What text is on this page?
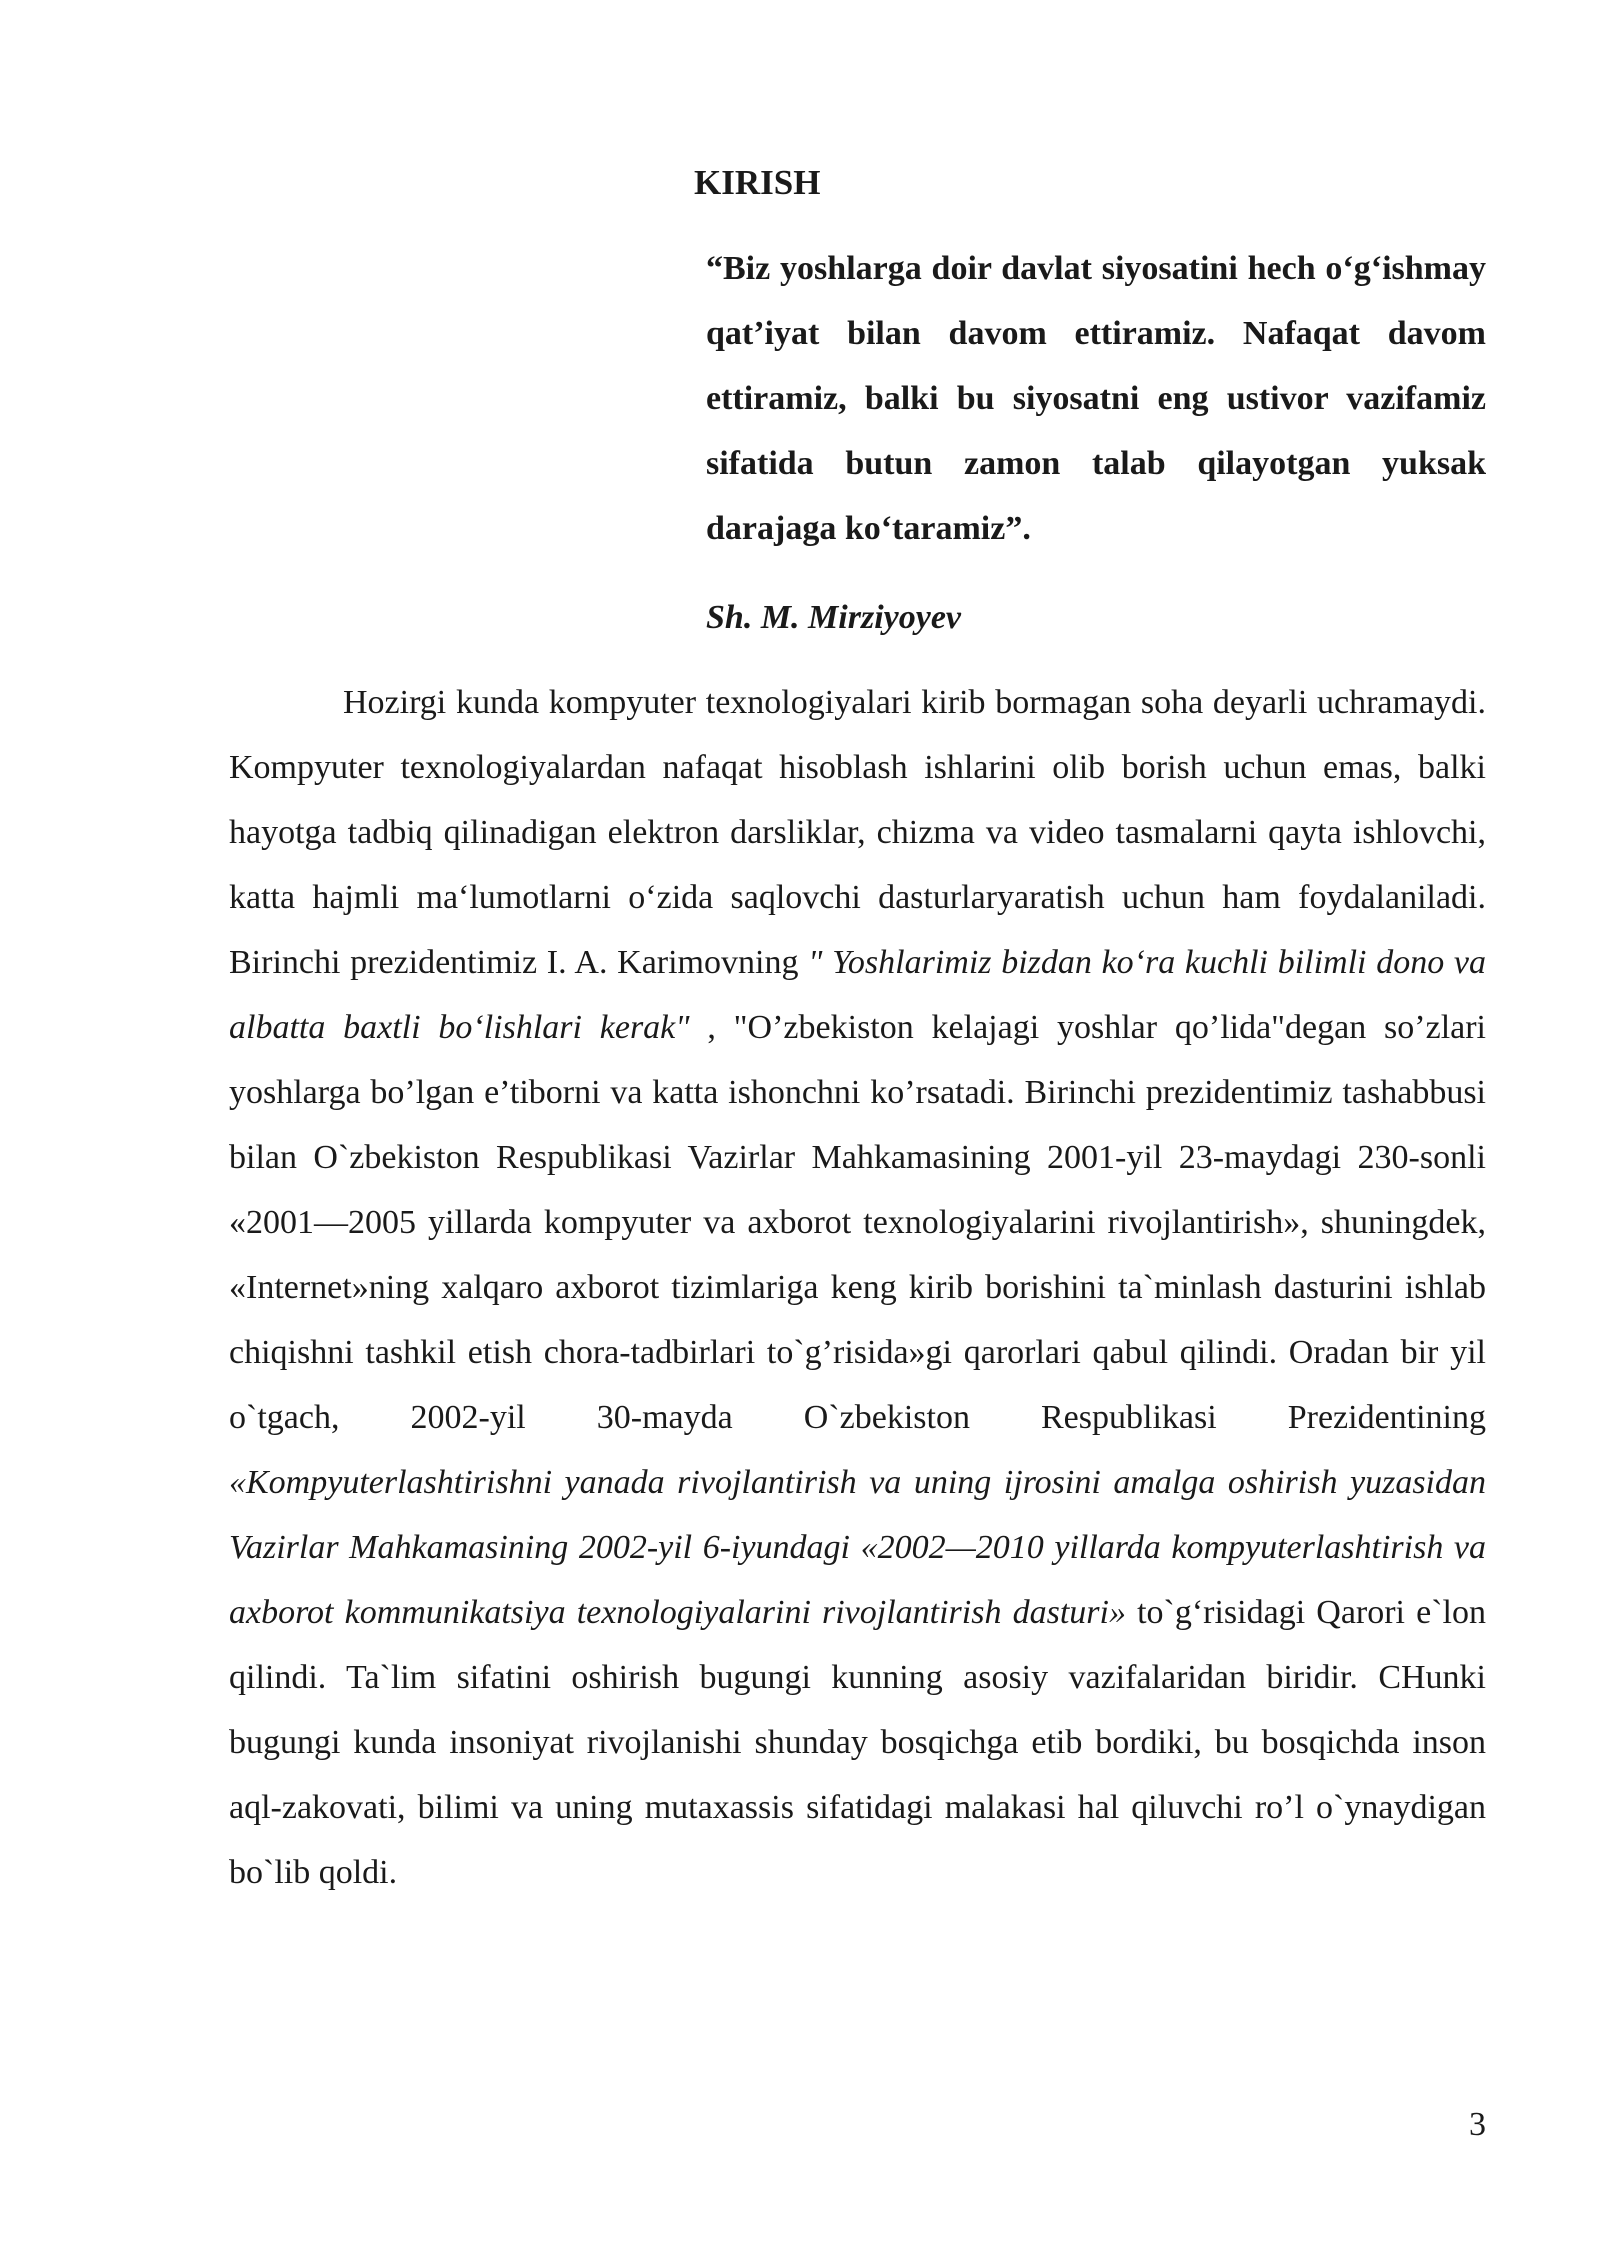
KIRISH

“Biz yoshlarga doir davlat siyosatini hech o‘g‘ishmay qat’iyat bilan davom ettiramiz. Nafaqat davom ettiramiz, balki bu siyosatni eng ustivor vazifamiz sifatida butun zamon talab qilayotgan yuksak darajaga ko‘taramiz”.

Sh. M. Mirziyoyev

Hozirgi kunda kompyuter texnologiyalari kirib bormagan soha deyarli uchramaydi. Kompyuter texnologiyalardan nafaqat hisoblash ishlarini olib borish uchun emas, balki hayotga tadbiq qilinadigan elektron darsliklar, chizma va video tasmalarni qayta ishlovchi, katta hajmli ma‘lumotlarni o‘zida saqlovchi dasturlaryaratish uchun ham foydalaniladi. Birinchi prezidentimiz I. A. Karimovning " Yoshlarimiz bizdan ko‘ra kuchli bilimli dono va albatta baxtli bo‘lishlari kerak" , "O’zbekiston kelajagi yoshlar qo’lida"degan so’zlari yoshlarga bo’lgan e’tiborni va katta ishonchni ko’rsatadi. Birinchi prezidentimiz tashabbusi bilan O`zbekiston Respublikasi Vazirlar Mahkamasining 2001-yil 23-maydagi 230-sonli «2001—2005 yillarda kompyuter va axborot texnologiyalarini rivojlantirish», shuningdek, «Internet»ning xalqaro axborot tizimlariga keng kirib borishini ta`minlash dasturini ishlab chiqishni tashkil etish chora-tadbirlari to`g’risida»gi qarorlari qabul qilindi. Oradan bir yil o`tgach, 2002-yil 30-mayda O`zbekiston Respublikasi Prezidentining «Kompyuterlashtirishni yanada rivojlantirish va uning ijrosini amalga oshirish yuzasidan Vazirlar Mahkamasining 2002-yil 6-iyundagi «2002—2010 yillarda kompyuterlashtirish va axborot kommunikatsiya texnologiyalarini rivojlantirish dasturi» to`g‘risidagi Qarori e`lon qilindi. Ta`lim sifatini oshirish bugungi kunning asosiy vazifalaridan biridir. CHunki bugungi kunda insoniyat rivojlanishi shunday bosqichga etib bordiki, bu bosqichda inson aql-zakovati, bilimi va uning mutaxassis sifatidagi malakasi hal qiluvchi ro’l o`ynaydigan bo`lib qoldi.

3
